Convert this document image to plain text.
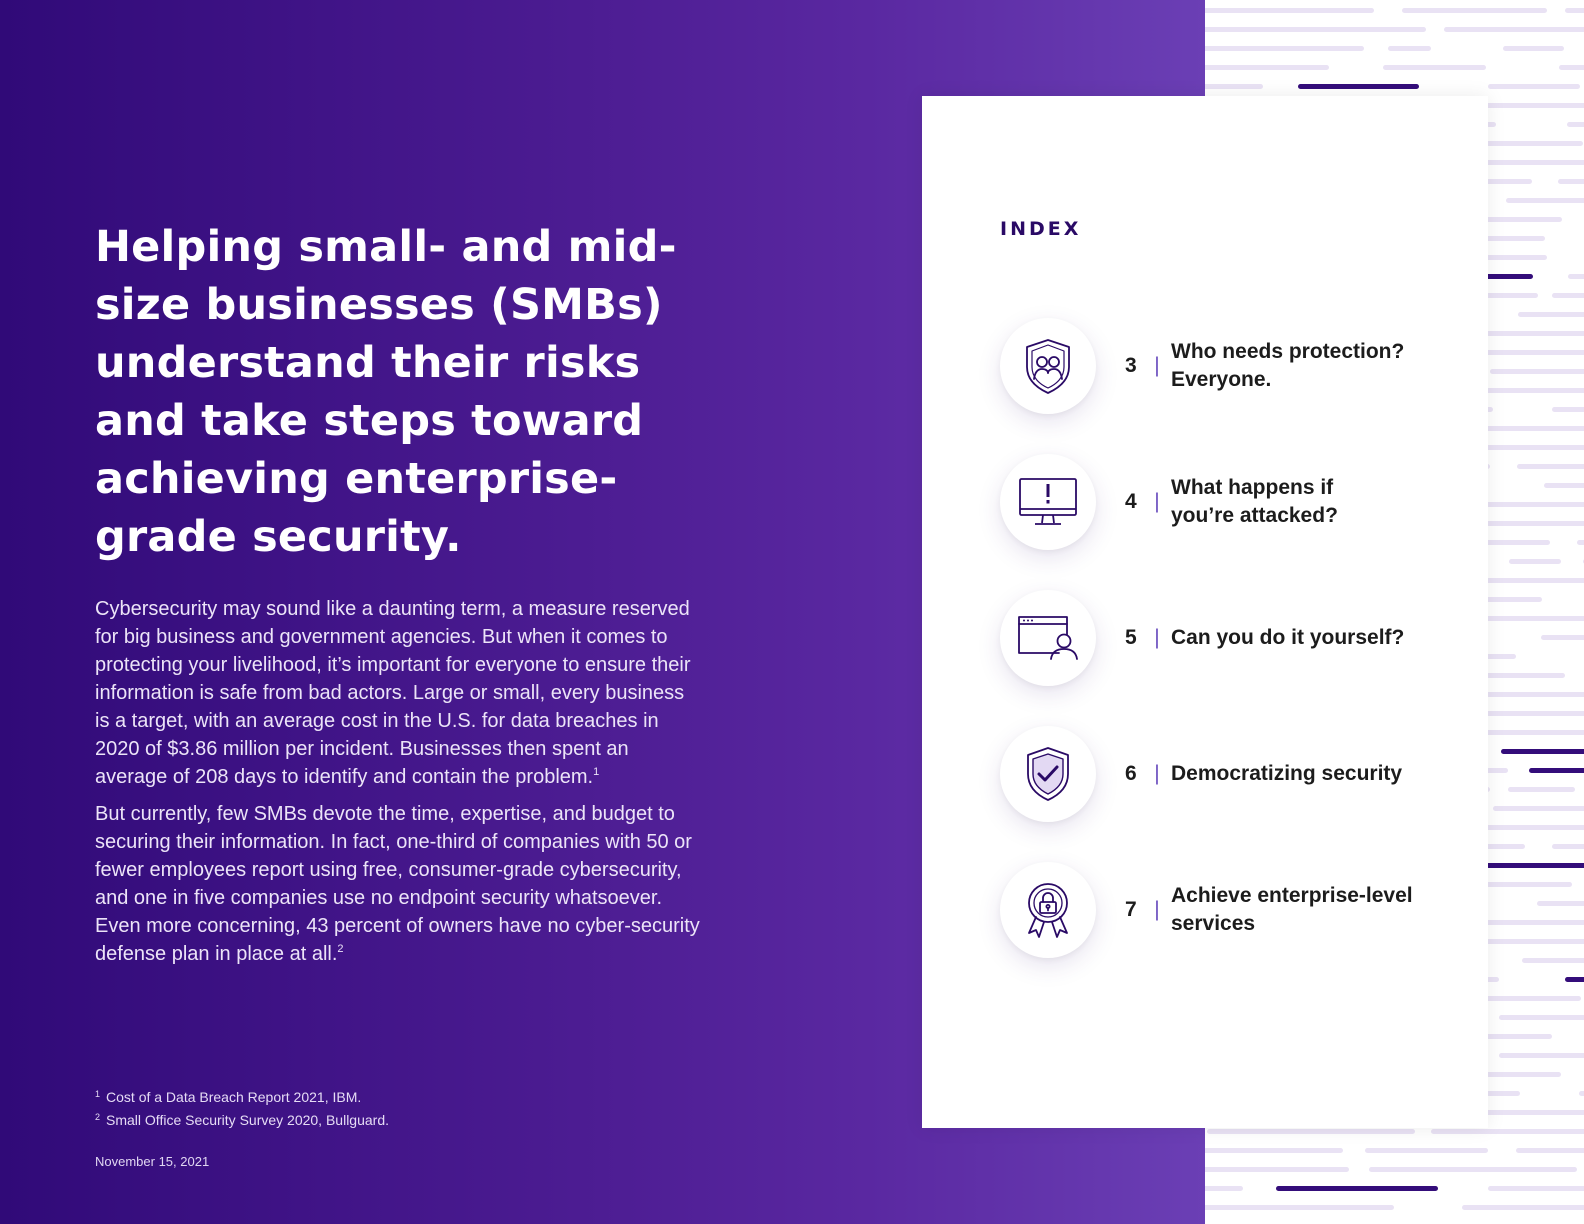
Helping small- and mid-size businesses (SMBs) understand their risks and take steps toward achieving enterprise-grade security.

Cybersecurity may sound like a daunting term, a measure reserved for big business and government agencies. But when it comes to protecting your livelihood, it’s important for everyone to ensure their information is safe from bad actors. Large or small, every business is a target, with an average cost in the U.S. for data breaches in 2020 of $3.86 million per incident. Businesses then spent an average of 208 days to identify and contain the problem.$^1$

But currently, few SMBs devote the time, expertise, and budget to securing their information. In fact, one-third of companies with 50 or fewer employees report using free, consumer-grade cybersecurity, and one in five companies use no endpoint security whatsoever. Even more concerning, 43 percent of owners have no cyber-security defense plan in place at all.$^2$

$^1$ Cost of a Data Breach Report 2021, IBM.
$^2$ Small Office Security Survey 2020, Bullguard.
November 15, 2021
INDEX
3 |
Who needs protection? Everyone.
4 |
What happens if you’re attacked?
5 | Can you do it yourself?
6 | Democratizing security
7 |
Achieve enterprise-level services
